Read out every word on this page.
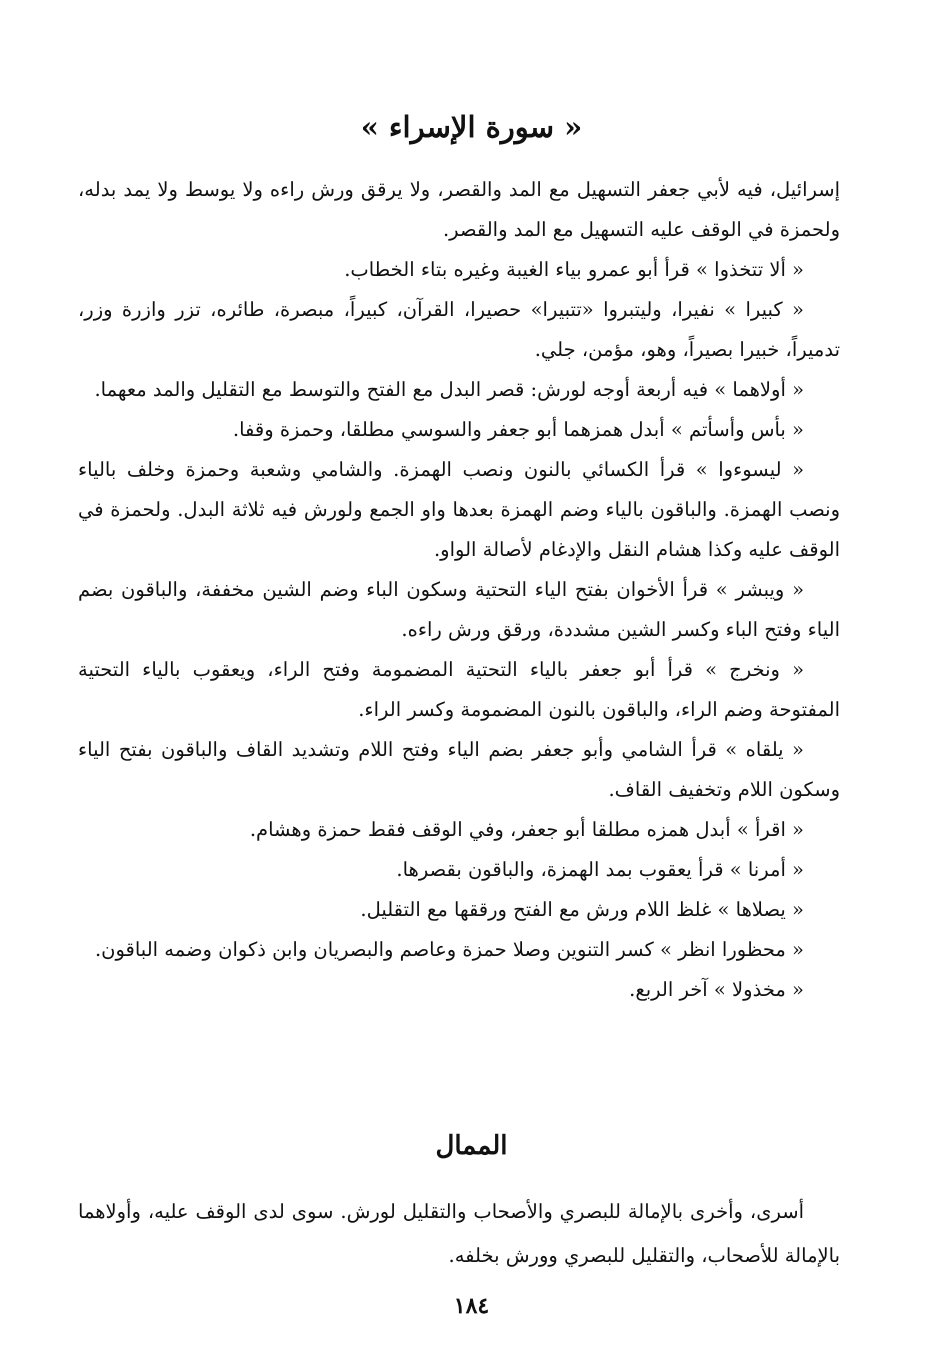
« سورة الإسراء »

إسرائيل، فيه لأبي جعفر التسهيل مع المد والقصر، ولا يرقق ورش راءه ولا يوسط ولا يمد بدله، ولحمزة في الوقف عليه التسهيل مع المد والقصر.

« ألا تتخذوا » قرأ أبو عمرو بياء الغيبة وغيره بتاء الخطاب.

« كبيرا » نفيرا، وليتبروا «تتبيرا» حصيرا، القرآن، كبيراً، مبصرة، طائره، تزر وازرة وزر، تدميراً، خبيرا بصيراً، وهو، مؤمن، جلي.

« أولاهما » فيه أربعة أوجه لورش: قصر البدل مع الفتح والتوسط مع التقليل والمد معهما.

« بأس وأسأتم » أبدل همزهما أبو جعفر والسوسي مطلقا، وحمزة وقفا.

« ليسوءوا » قرأ الكسائي بالنون ونصب الهمزة. والشامي وشعبة وحمزة وخلف بالياء ونصب الهمزة. والباقون بالياء وضم الهمزة بعدها واو الجمع ولورش فيه ثلاثة البدل. ولحمزة في الوقف عليه وكذا هشام النقل والإدغام لأصالة الواو.

« ويبشر » قرأ الأخوان بفتح الياء التحتية وسكون الباء وضم الشين مخففة، والباقون بضم الياء وفتح الباء وكسر الشين مشددة، ورقق ورش راءه.

« ونخرج » قرأ أبو جعفر بالياء التحتية المضمومة وفتح الراء، ويعقوب بالياء التحتية المفتوحة وضم الراء، والباقون بالنون المضمومة وكسر الراء.

« يلقاه » قرأ الشامي وأبو جعفر بضم الياء وفتح اللام وتشديد القاف والباقون بفتح الياء وسكون اللام وتخفيف القاف.

« اقرأ » أبدل همزه مطلقا أبو جعفر، وفي الوقف فقط حمزة وهشام.

« أمرنا » قرأ يعقوب بمد الهمزة، والباقون بقصرها.

« يصلاها » غلظ اللام ورش مع الفتح ورققها مع التقليل.

« محظورا انظر » كسر التنوين وصلا حمزة وعاصم والبصريان وابن ذكوان وضمه الباقون.

« مخذولا » آخر الربع.

الممال

أسرى، وأخرى بالإمالة للبصري والأصحاب والتقليل لورش. سوى لدى الوقف عليه، وأولاهما بالإمالة للأصحاب، والتقليل للبصري وورش بخلفه.

١٨٤
